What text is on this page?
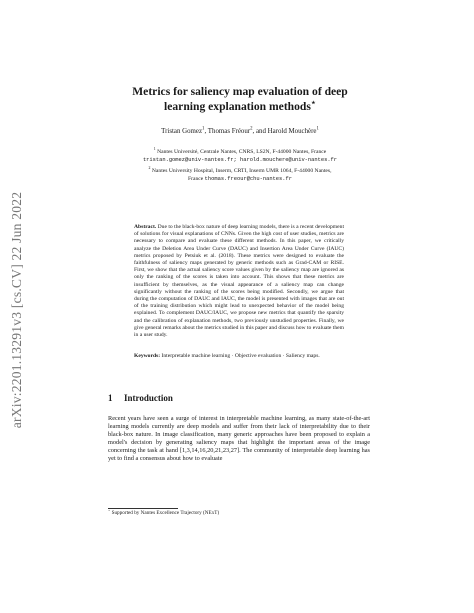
arXiv:2201.13291v3 [cs.CV] 22 Jun 2022
Metrics for saliency map evaluation of deep
learning explanation methods⋆
Tristan Gomez$^1$, Thomas Fréour$^2$, and Harold Mouchère$^1$
$^1$ Nantes Université, Centrale Nantes, CNRS, LS2N, F-44000 Nantes, France
tristan.gomez@univ-nantes.fr; harold.mouchere@univ-nantes.fr
$^2$ Nantes University Hospital, Inserm, CRTI, Inserm UMR 1064, F-44000 Nantes,
France thomas.freour@chu-nantes.fr
Abstract. Due to the black-box nature of deep learning models, there is a recent development of solutions for visual explanations of CNNs. Given the high cost of user studies, metrics are necessary to compare and evaluate these different methods. In this paper, we critically analyze the Deletion Area Under Curve (DAUC) and Insertion Area Under Curve (IAUC) metrics proposed by Petsiuk et al. (2018). These metrics were designed to evaluate the faithfulness of saliency maps generated by generic methods such as Grad-CAM or RISE. First, we show that the actual saliency score values given by the saliency map are ignored as only the ranking of the scores is taken into account. This shows that these metrics are insufficient by themselves, as the visual appearance of a saliency map can change significantly without the ranking of the scores being modified. Secondly, we argue that during the computation of DAUC and IAUC, the model is presented with images that are out of the training distribution which might lead to unexpected behavior of the model being explained. To complement DAUC/IAUC, we propose new metrics that quantify the sparsity and the calibration of explanation methods, two previously unstudied properties. Finally, we give general remarks about the metrics studied in this paper and discuss how to evaluate them in a user study.
Keywords: Interpretable machine learning · Objective evaluation · Saliency maps.
1 Introduction
Recent years have seen a surge of interest in interpretable machine learning, as many state-of-the-art learning models currently are deep models and suffer from their lack of interpretability due to their black-box nature. In image classification, many generic approaches have been proposed to explain a model's decision by generating saliency maps that highlight the important areas of the image concerning the task at hand [1,3,14,16,20,21,23,27]. The community of interpretable deep learning has yet to find a consensus about how to evaluate
⋆ Supported by Nantes Excellence Trajectory (NExT)
